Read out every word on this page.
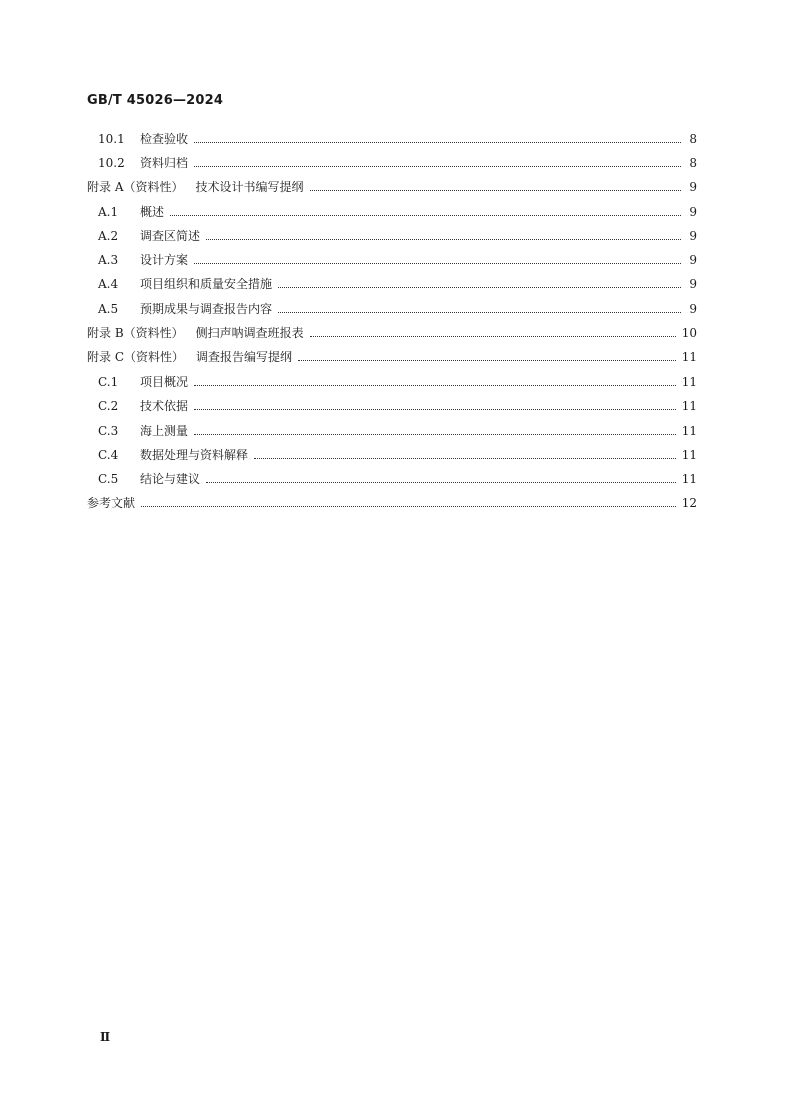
GB/T 45026—2024
10.1	检查验收	8
10.2	资料归档	8
附录 A（资料性） 技术设计书编写提纲	9
A.1	概述	9
A.2	调查区简述	9
A.3	设计方案	9
A.4	项目组织和质量安全措施	9
A.5	预期成果与调查报告内容	9
附录 B（资料性） 侧扫声呐调查班报表	10
附录 C（资料性） 调查报告编写提纲	11
C.1	项目概况	11
C.2	技术依据	11
C.3	海上测量	11
C.4	数据处理与资料解释	11
C.5	结论与建议	11
参考文献	12
Ⅱ
